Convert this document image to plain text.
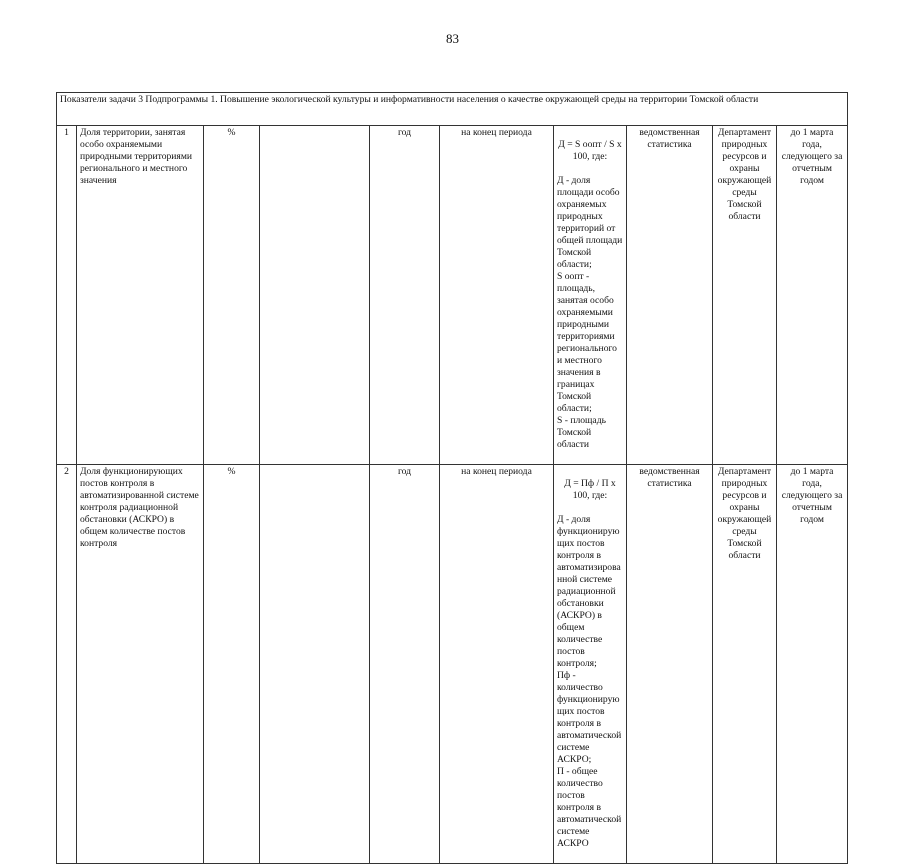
83
Показатели задачи 3 Подпрограммы 1. Повышение экологической культуры и информативности населения о качестве окружающей среды на территории Томской области									
1	Доля территории, занятая особо охраняемыми природными территориями регионального и местного значения	%		год	на конец периода	Д = S оопт / S x 100, где:

Д - доля площади особо охраняемых природных территорий от общей площади Томской области;
S оопт - площадь, занятая особо охраняемыми природными территориями регионального и местного значения в границах Томской области;
S - площадь Томской области	ведомственная статистика	Департамент природных ресурсов и охраны окружающей среды Томской области	до 1 марта года, следующего за отчетным годом
2	Доля функционирующих постов контроля в автоматизированной системе контроля радиационной обстановки (АСКРО) в общем количестве постов контроля	%		год	на конец периода	Д = Пф / П x 100, где:

Д - доля функционирующих постов контроля в автоматизированной системе радиационной обстановки (АСКРО) в общем количестве постов контроля;
Пф - количество функционирующих постов контроля в автоматической системе АСКРО;
П - общее количество постов контроля в автоматической системе АСКРО	ведомственная статистика	Департамент природных ресурсов и охраны окружающей среды Томской области	до 1 марта года, следующего за отчетным годом
